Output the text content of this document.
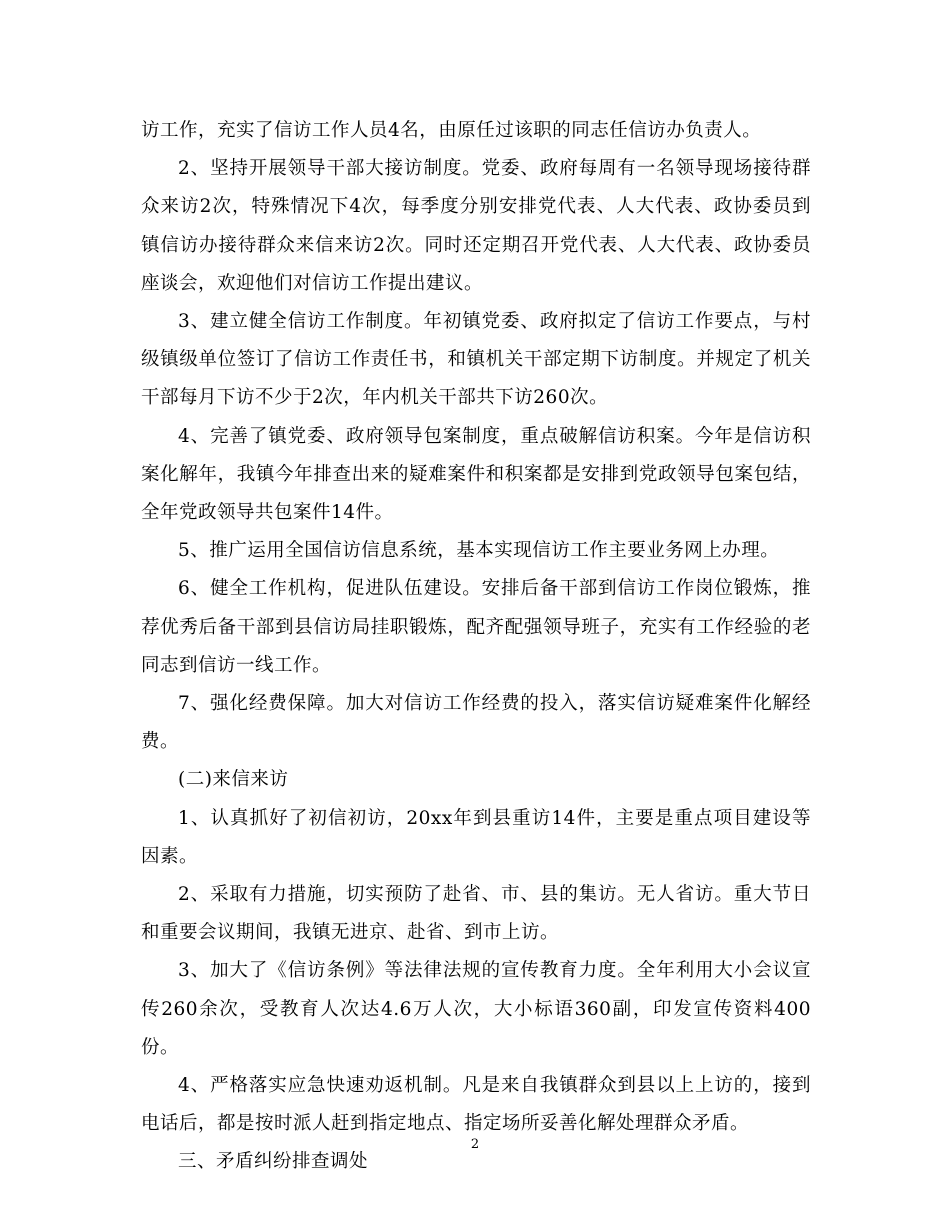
访工作，充实了信访工作人员4名，由原任过该职的同志任信访办负责人。

2、坚持开展领导干部大接访制度。党委、政府每周有一名领导现场接待群众来访2次，特殊情况下4次，每季度分别安排党代表、人大代表、政协委员到镇信访办接待群众来信来访2次。同时还定期召开党代表、人大代表、政协委员座谈会，欢迎他们对信访工作提出建议。

3、建立健全信访工作制度。年初镇党委、政府拟定了信访工作要点，与村级镇级单位签订了信访工作责任书，和镇机关干部定期下访制度。并规定了机关干部每月下访不少于2次，年内机关干部共下访260次。

4、完善了镇党委、政府领导包案制度，重点破解信访积案。今年是信访积案化解年，我镇今年排查出来的疑难案件和积案都是安排到党政领导包案包结，全年党政领导共包案件14件。

5、推广运用全国信访信息系统，基本实现信访工作主要业务网上办理。

6、健全工作机构，促进队伍建设。安排后备干部到信访工作岗位锻炼，推荐优秀后备干部到县信访局挂职锻炼，配齐配强领导班子，充实有工作经验的老同志到信访一线工作。

7、强化经费保障。加大对信访工作经费的投入，落实信访疑难案件化解经费。

(二)来信来访

1、认真抓好了初信初访，20xx年到县重访14件，主要是重点项目建设等因素。

2、采取有力措施，切实预防了赴省、市、县的集访。无人省访。重大节日和重要会议期间，我镇无进京、赴省、到市上访。

3、加大了《信访条例》等法律法规的宣传教育力度。全年利用大小会议宣传260余次，受教育人次达4.6万人次，大小标语360副，印发宣传资料400份。

4、严格落实应急快速劝返机制。凡是来自我镇群众到县以上上访的，接到电话后，都是按时派人赶到指定地点、指定场所妥善化解处理群众矛盾。

三、矛盾纠纷排查调处

2
